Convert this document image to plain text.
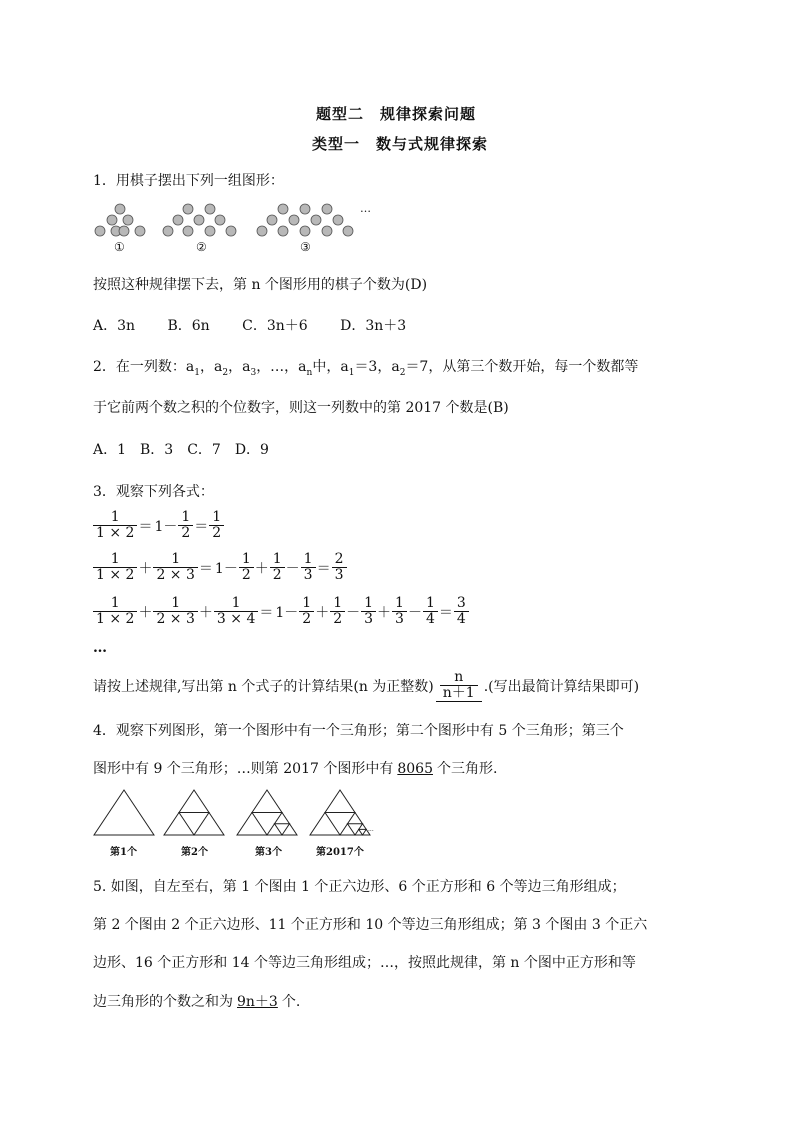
题型二　规律探索问题
类型一　数与式规律探索
1．用棋子摆出下列一组图形：
①	②	③
…
按照这种规律摆下去，第 n 个图形用的棋子个数为(D)
A．3n　　 B．6n　　 C．3n＋6　　 D．3n＋3
2．在一列数：$a_1$，$a_2$，$a_3$，…，$a_n$中，$a_1=3$，$a_2=7$，从第三个数开始，每一个数都等
于它前两个数之积的个位数字，则这一列数中的第 2017 个数是(B)
A．1　B．3　C．7　D．9
3．观察下列各式：
$\frac{1}{1 \times 2} = 1- \frac{1}{2} = \frac{1}{2}$
$\frac{1}{1 \times 2} + \frac{1}{2 \times 3} = 1- \frac{1}{2} + \frac{1}{2} - \frac{1}{3} = \frac{2}{3}$
$\frac{1}{1 \times 2} + \frac{1}{2 \times 3} + \frac{1}{3 \times 4} = 1- \frac{1}{2} + \frac{1}{2} - \frac{1}{3} + \frac{1}{3} - \frac{1}{4} = \frac{3}{4}$
…
请按上述规律,写出第 n 个式子的计算结果(n 为正整数) $\frac{n}{n+1}$ .(写出最简计算结果即可)
4．观察下列图形，第一个图形中有一个三角形；第二个图形中有 5 个三角形；第三个
图形中有 9 个三角形；…则第 2017 个图形中有 8065 个三角形.
···
第1个	第2个	第3个	第2017个
5. 如图，自左至右，第 1 个图由 1 个正六边形、6 个正方形和 6 个等边三角形组成；
第 2 个图由 2 个正六边形、11 个正方形和 10 个等边三角形组成；第 3 个图由 3 个正六
边形、16 个正方形和 14 个等边三角形组成；…，按照此规律，第 n 个图中正方形和等
边三角形的个数之和为 9n＋3 个.
